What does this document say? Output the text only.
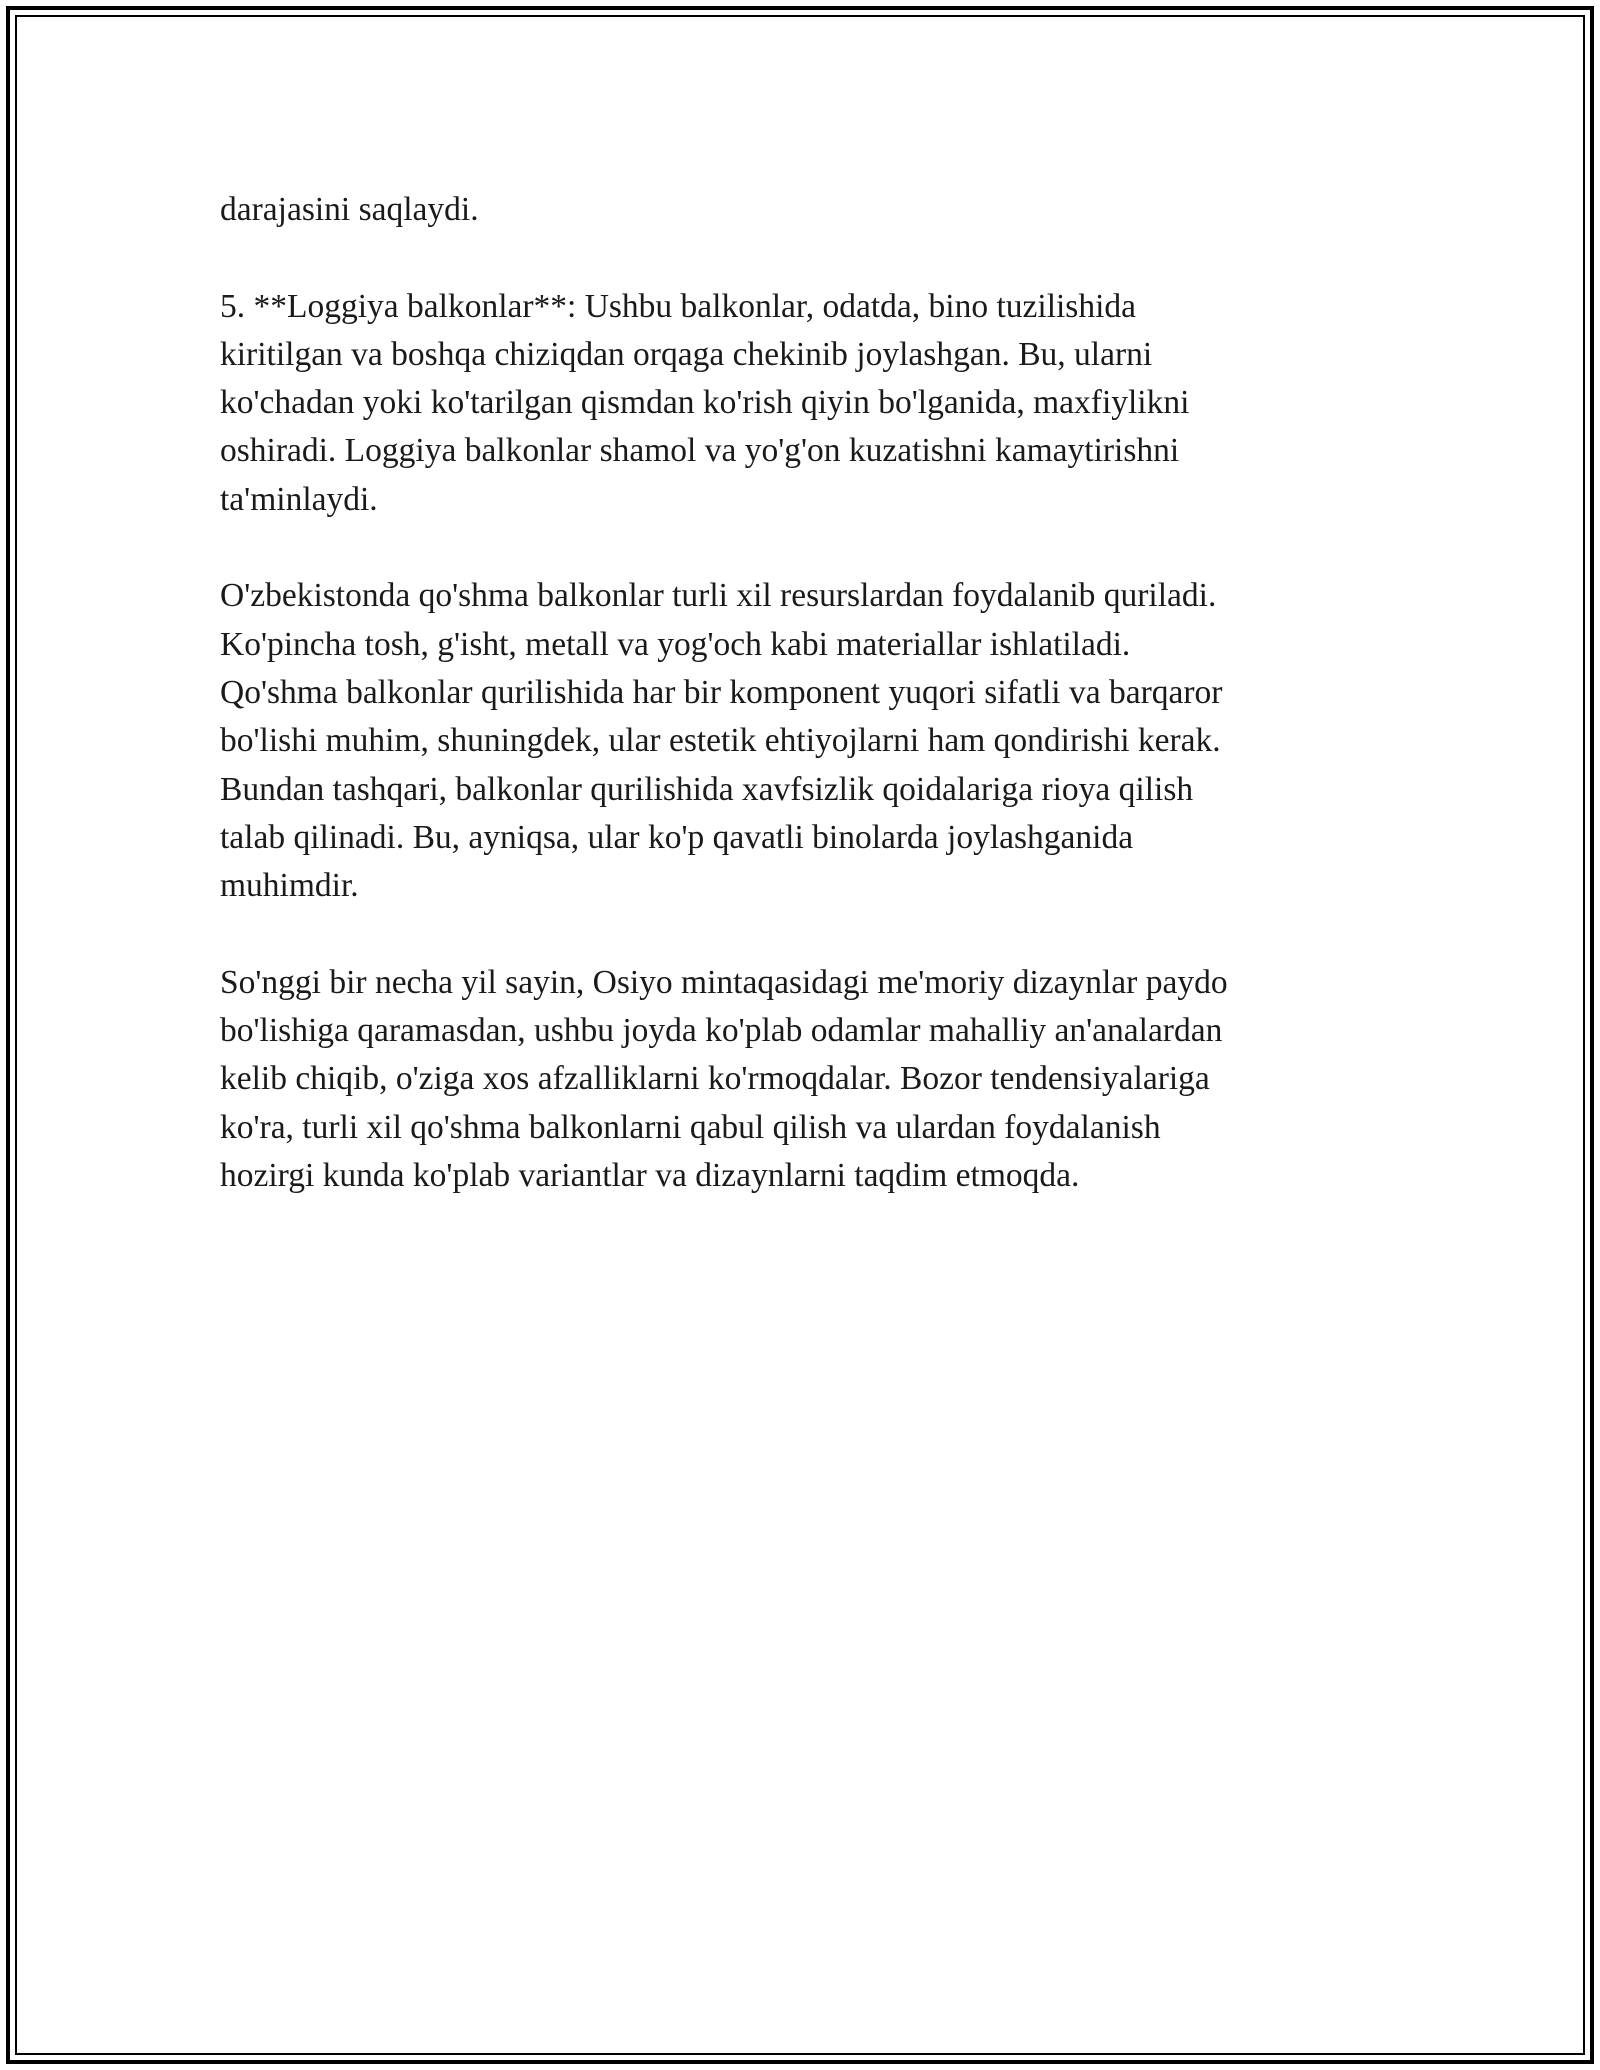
darajasini saqlaydi.

5. **Loggiya balkonlar**: Ushbu balkonlar, odatda, bino tuzilishida
kiritilgan va boshqa chiziqdan orqaga chekinib joylashgan. Bu, ularni
ko'chadan yoki ko'tarilgan qismdan ko'rish qiyin bo'lganida, maxfiylikni
oshiradi. Loggiya balkonlar shamol va yo'g'on kuzatishni kamaytirishni
ta'minlaydi.

O'zbekistonda qo'shma balkonlar turli xil resurslardan foydalanib quriladi.
Ko'pincha tosh, g'isht, metall va yog'och kabi materiallar ishlatiladi.
Qo'shma balkonlar qurilishida har bir komponent yuqori sifatli va barqaror
bo'lishi muhim, shuningdek, ular estetik ehtiyojlarni ham qondirishi kerak.
Bundan tashqari, balkonlar qurilishida xavfsizlik qoidalariga rioya qilish
talab qilinadi. Bu, ayniqsa, ular ko'p qavatli binolarda joylashganida
muhimdir.

So'nggi bir necha yil sayin, Osiyo mintaqasidagi me'moriy dizaynlar paydo
bo'lishiga qaramasdan, ushbu joyda ko'plab odamlar mahalliy an'analardan
kelib chiqib, o'ziga xos afzalliklarni ko'rmoqdalar. Bozor tendensiyalariga
ko'ra, turli xil qo'shma balkonlarni qabul qilish va ulardan foydalanish
hozirgi kunda ko'plab variantlar va dizaynlarni taqdim etmoqda.
